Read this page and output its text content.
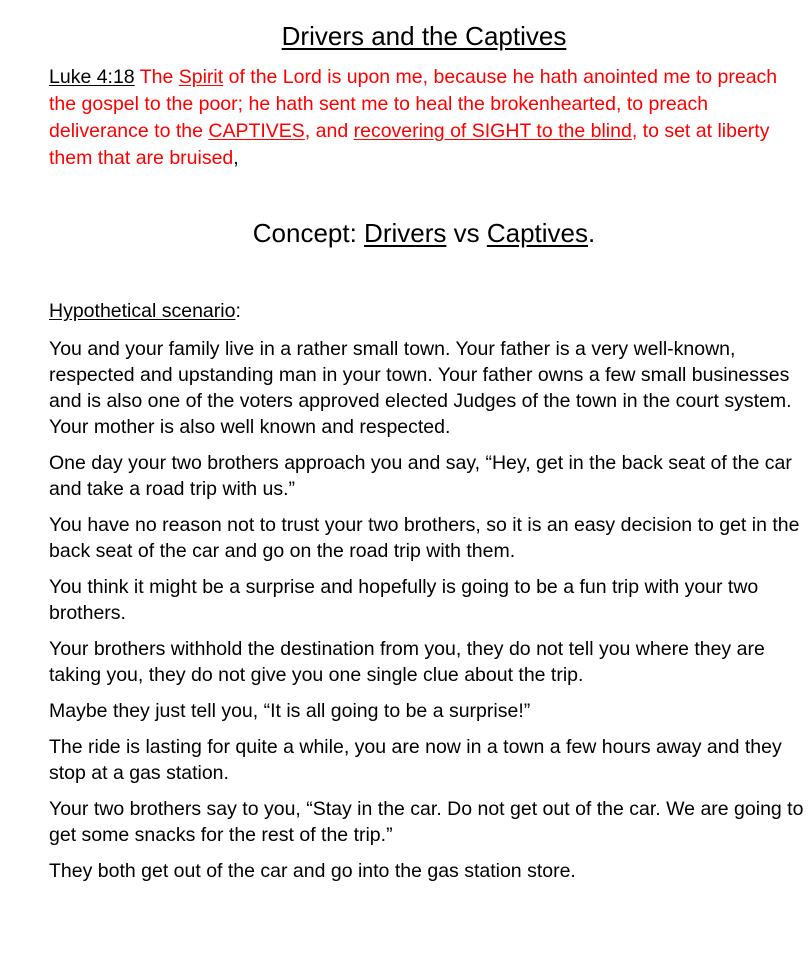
Drivers and the Captives
Luke 4:18 The Spirit of the Lord is upon me, because he hath anointed me to preach the gospel to the poor; he hath sent me to heal the brokenhearted, to preach deliverance to the CAPTIVES, and recovering of SIGHT to the blind, to set at liberty them that are bruised,
Concept: Drivers vs Captives.
Hypothetical scenario:

You and your family live in a rather small town. Your father is a very well-known, respected and upstanding man in your town. Your father owns a few small businesses and is also one of the voters approved elected Judges of the town in the court system. Your mother is also well known and respected.

One day your two brothers approach you and say, “Hey, get in the back seat of the car and take a road trip with us.”

You have no reason not to trust your two brothers, so it is an easy decision to get in the back seat of the car and go on the road trip with them.

You think it might be a surprise and hopefully is going to be a fun trip with your two brothers.

Your brothers withhold the destination from you, they do not tell you where they are taking you, they do not give you one single clue about the trip.

Maybe they just tell you, “It is all going to be a surprise!”

The ride is lasting for quite a while, you are now in a town a few hours away and they stop at a gas station.

Your two brothers say to you, “Stay in the car. Do not get out of the car. We are going to get some snacks for the rest of the trip.”

They both get out of the car and go into the gas station store.
